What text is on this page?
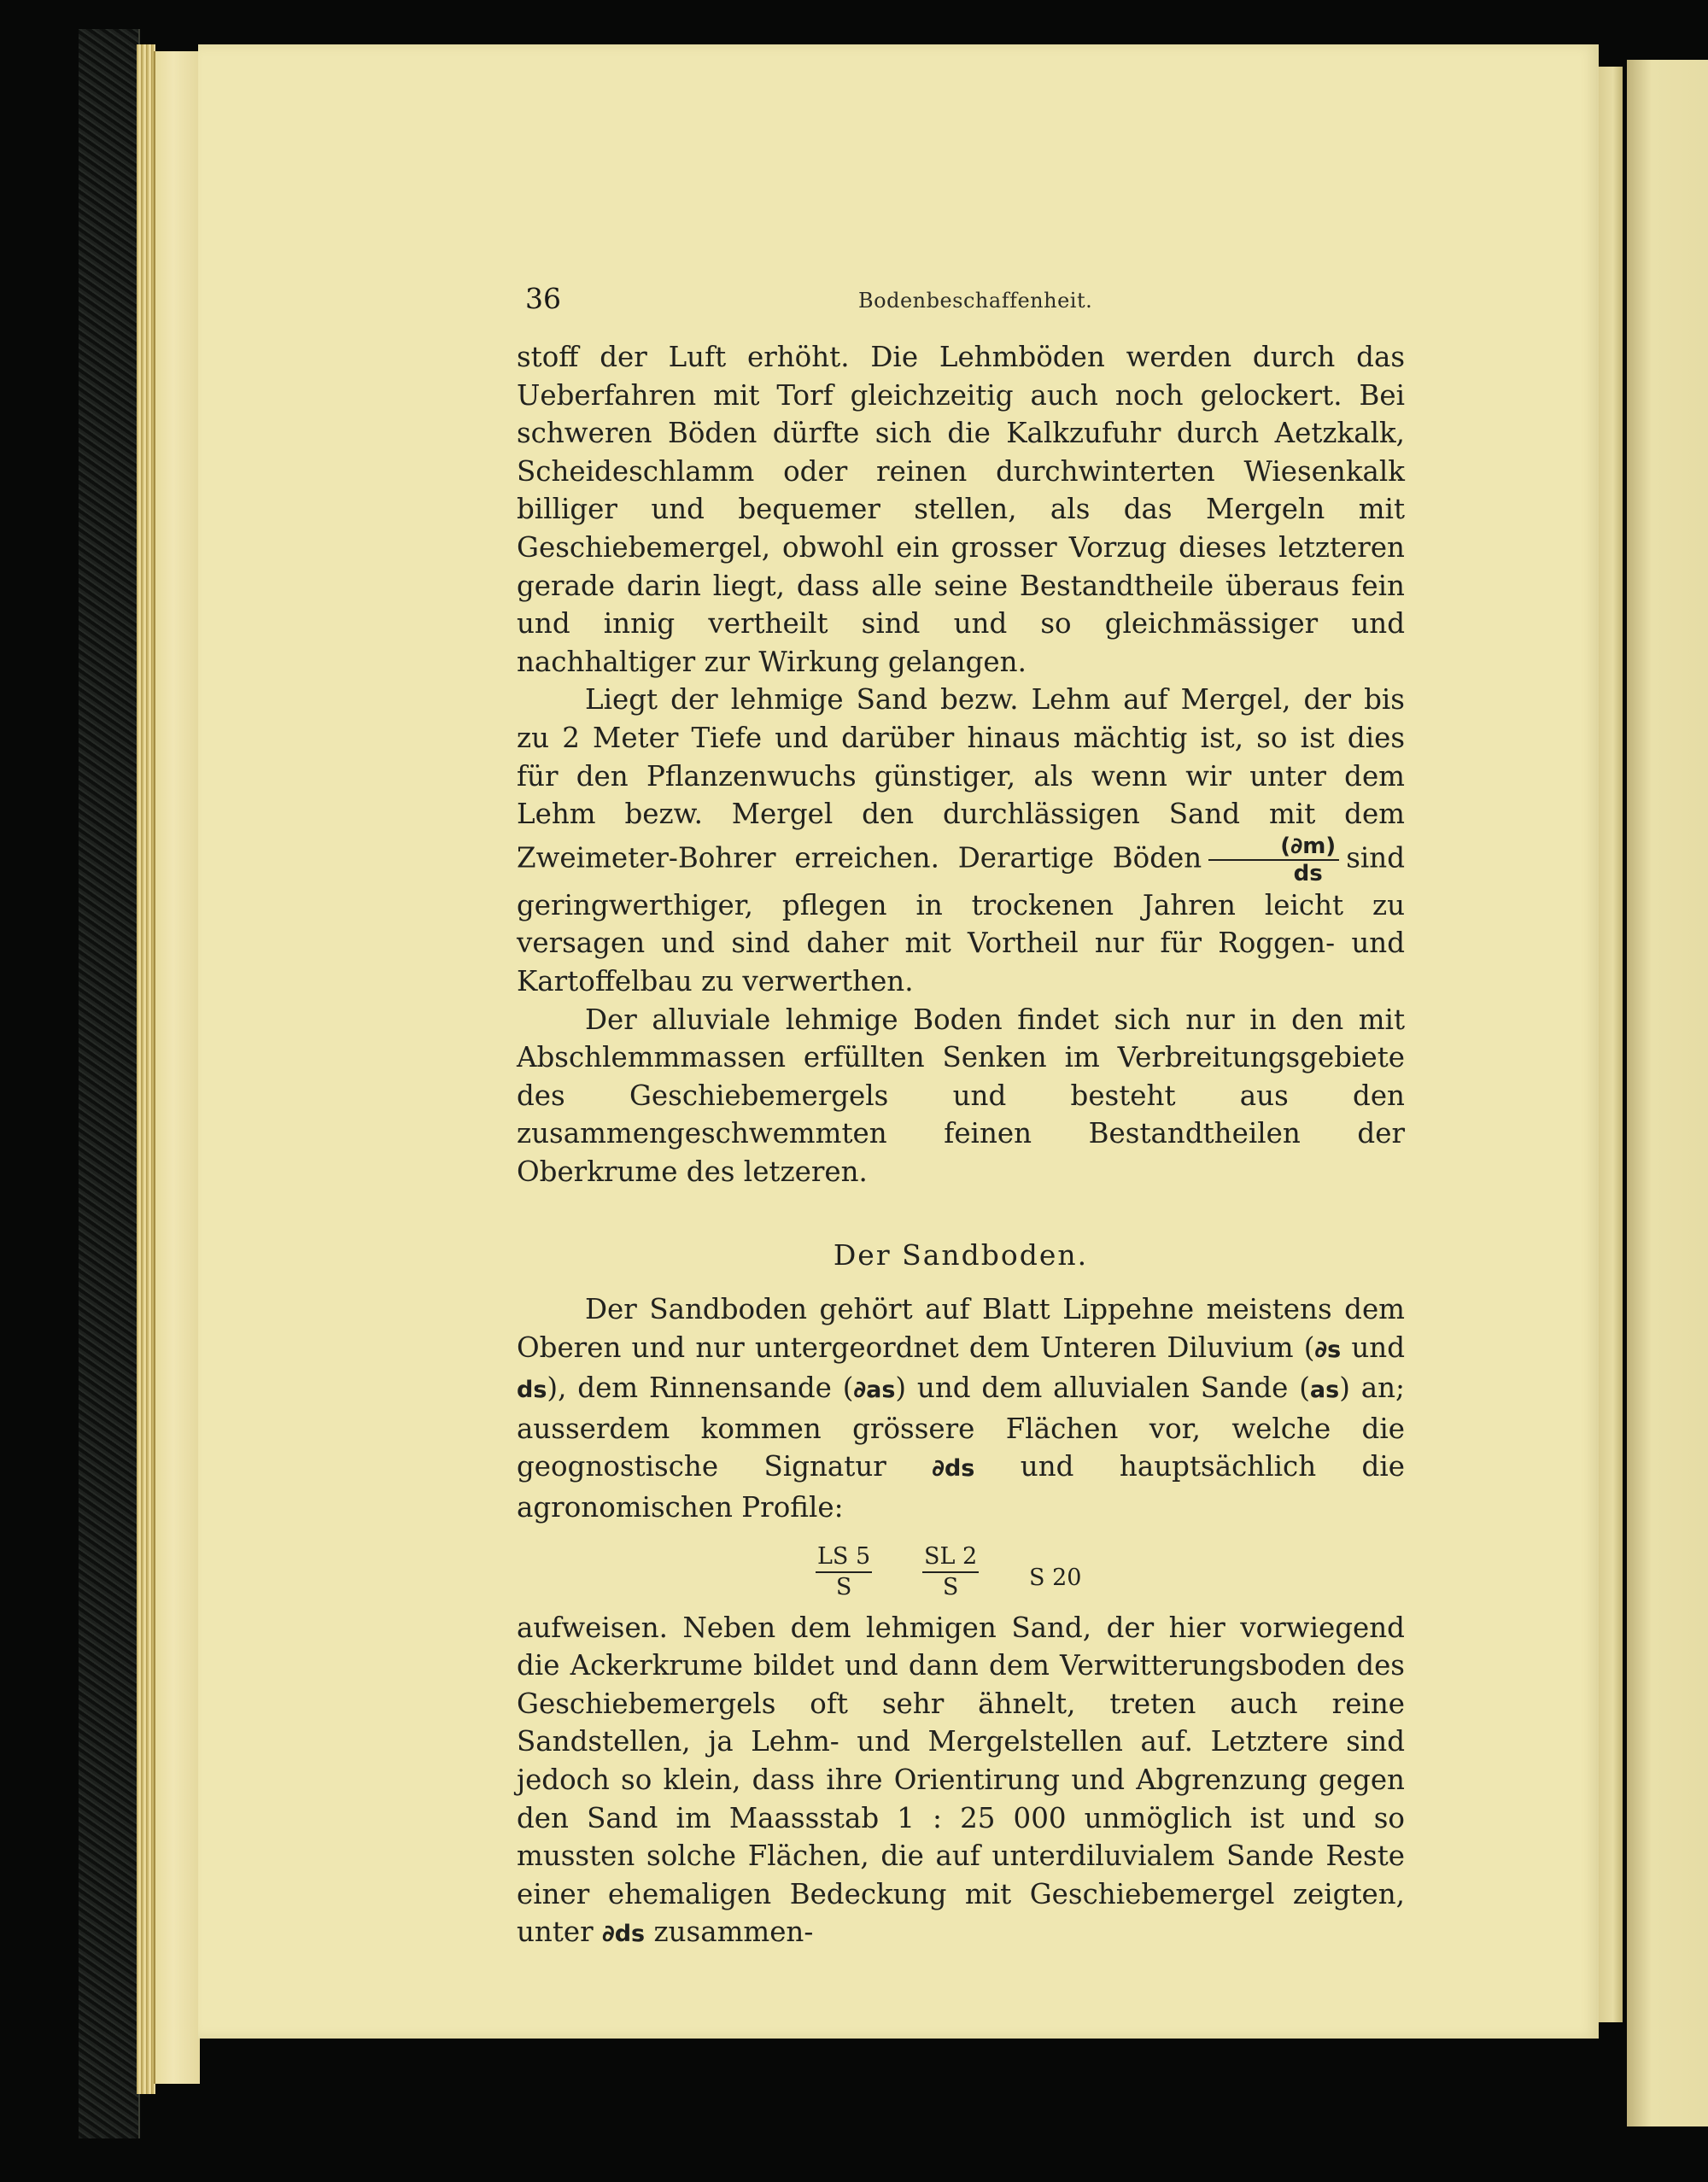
36	Bodenbeschaffenheit.

stoff der Luft erhöht. Die Lehmböden werden durch das Ueberfahren mit Torf gleichzeitig auch noch gelockert. Bei schweren Böden dürfte sich die Kalkzufuhr durch Aetzkalk, Scheideschlamm oder reinen durchwinterten Wiesenkalk billiger und bequemer stellen, als das Mergeln mit Geschiebemergel, obwohl ein grosser Vorzug dieses letzteren gerade darin liegt, dass alle seine Bestandtheile überaus fein und innig vertheilt sind und so gleichmässiger und nachhaltiger zur Wirkung gelangen.

Liegt der lehmige Sand bezw. Lehm auf Mergel, der bis zu 2 Meter Tiefe und darüber hinaus mächtig ist, so ist dies für den Pflanzenwuchs günstiger, als wenn wir unter dem Lehm bezw. Mergel den durchlässigen Sand mit dem Zweimeter-Bohrer erreichen. Derartige Böden $\frac{(\partial m)}{ds}$ sind geringwerthiger, pflegen in trockenen Jahren leicht zu versagen und sind daher mit Vortheil nur für Roggen- und Kartoffelbau zu verwerthen.

Der alluviale lehmige Boden findet sich nur in den mit Abschlemmmassen erfüllten Senken im Verbreitungsgebiete des Geschiebemergels und besteht aus den zusammengeschwemmten feinen Bestandtheilen der Oberkrume des letzeren.

Der Sandboden.

Der Sandboden gehört auf Blatt Lippehne meistens dem Oberen und nur untergeordnet dem Unteren Diluvium (∂s und ds), dem Rinnensande (∂as) und dem alluvialen Sande (as) an; ausserdem kommen grössere Flächen vor, welche die geognostische Signatur ∂ds und hauptsächlich die agronomischen Profile:

LS 5
S
SL 2
S	S 20

aufweisen. Neben dem lehmigen Sand, der hier vorwiegend die Ackerkrume bildet und dann dem Verwitterungsboden des Geschiebemergels oft sehr ähnelt, treten auch reine Sandstellen, ja Lehm- und Mergelstellen auf. Letztere sind jedoch so klein, dass ihre Orientirung und Abgrenzung gegen den Sand im Maassstab 1 : 25 000 unmöglich ist und so mussten solche Flächen, die auf unterdiluvialem Sande Reste einer ehemaligen Bedeckung mit Geschiebemergel zeigten, unter ∂ds zusammen-
